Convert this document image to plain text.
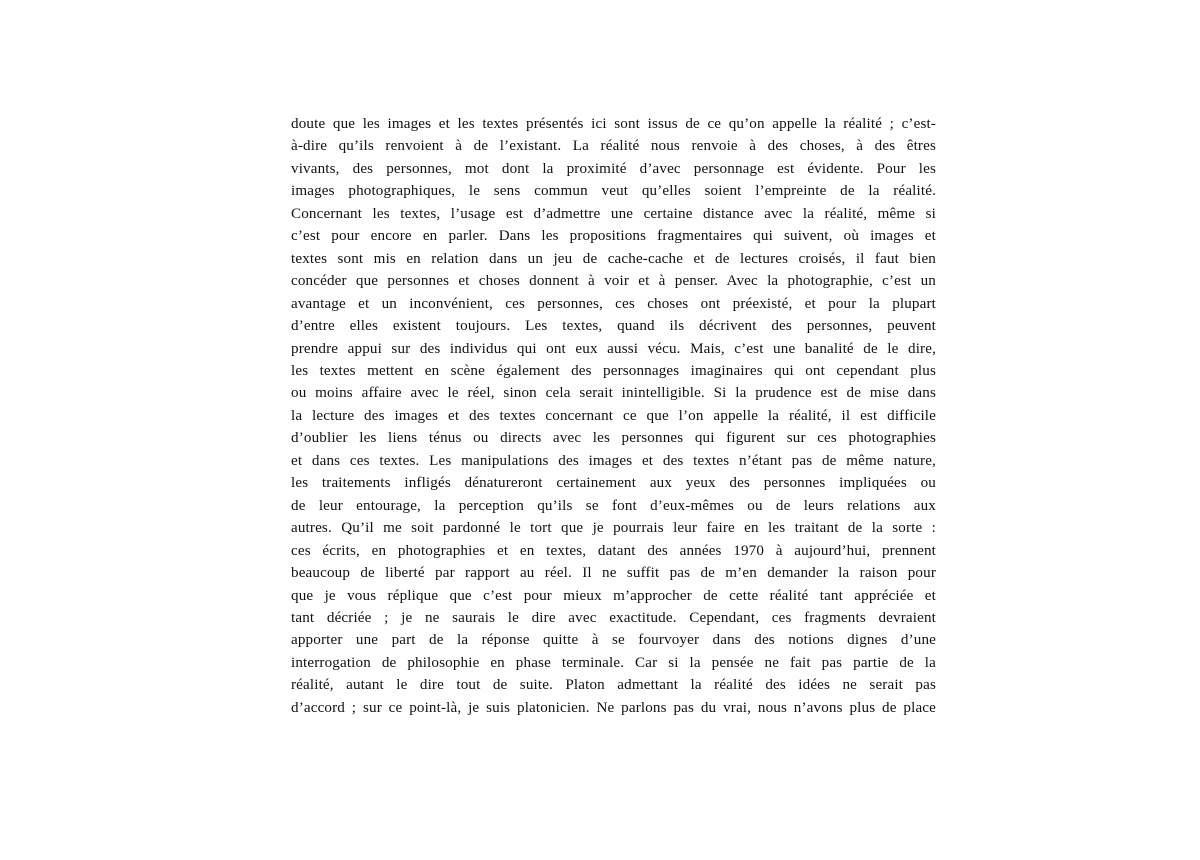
doute que les images et les textes présentés ici sont issus de ce qu’on appelle la réalité ; c’est-
à-dire qu’ils renvoient à de l’existant. La réalité nous renvoie à des choses, à des êtres
vivants, des personnes, mot dont la proximité d’avec personnage est évidente. Pour les
images photographiques, le sens commun veut qu’elles soient l’empreinte de la réalité.
Concernant les textes, l’usage est d’admettre une certaine distance avec la réalité, même si
c’est pour encore en parler. Dans les propositions fragmentaires qui suivent, où images et
textes sont mis en relation dans un jeu de cache-cache et de lectures croisés, il faut bien
concéder que personnes et choses donnent à voir et à penser. Avec la photographie, c’est un
avantage et un inconvénient, ces personnes, ces choses ont préexisté, et pour la plupart
d’entre elles existent toujours. Les textes, quand ils décrivent des personnes, peuvent
prendre appui sur des individus qui ont eux aussi vécu. Mais, c’est une banalité de le dire,
les textes mettent en scène également des personnages imaginaires qui ont cependant plus
ou moins affaire avec le réel, sinon cela serait inintelligible. Si la prudence est de mise dans
la lecture des images et des textes concernant ce que l’on appelle la réalité, il est difficile
d’oublier les liens ténus ou directs avec les personnes qui figurent sur ces photographies
et dans ces textes. Les manipulations des images et des textes n’étant pas de même nature,
les traitements infligés dénatureront certainement aux yeux des personnes impliquées ou
de leur entourage, la perception qu’ils se font d’eux-mêmes ou de leurs relations aux
autres. Qu’il me soit pardonné le tort que je pourrais leur faire en les traitant de la sorte :
ces écrits, en photographies et en textes, datant des années 1970 à aujourd’hui, prennent
beaucoup de liberté par rapport au réel. Il ne suffit pas de m’en demander la raison pour
que je vous réplique que c’est pour mieux m’approcher de cette réalité tant appréciée et
tant décriée ; je ne saurais le dire avec exactitude. Cependant, ces fragments devraient
apporter une part de la réponse quitte à se fourvoyer dans des notions dignes d’une
interrogation de philosophie en phase terminale. Car si la pensée ne fait pas partie de la
réalité, autant le dire tout de suite. Platon admettant la réalité des idées ne serait pas
d’accord ; sur ce point-là, je suis platonicien. Ne parlons pas du vrai, nous n’avons plus de place
